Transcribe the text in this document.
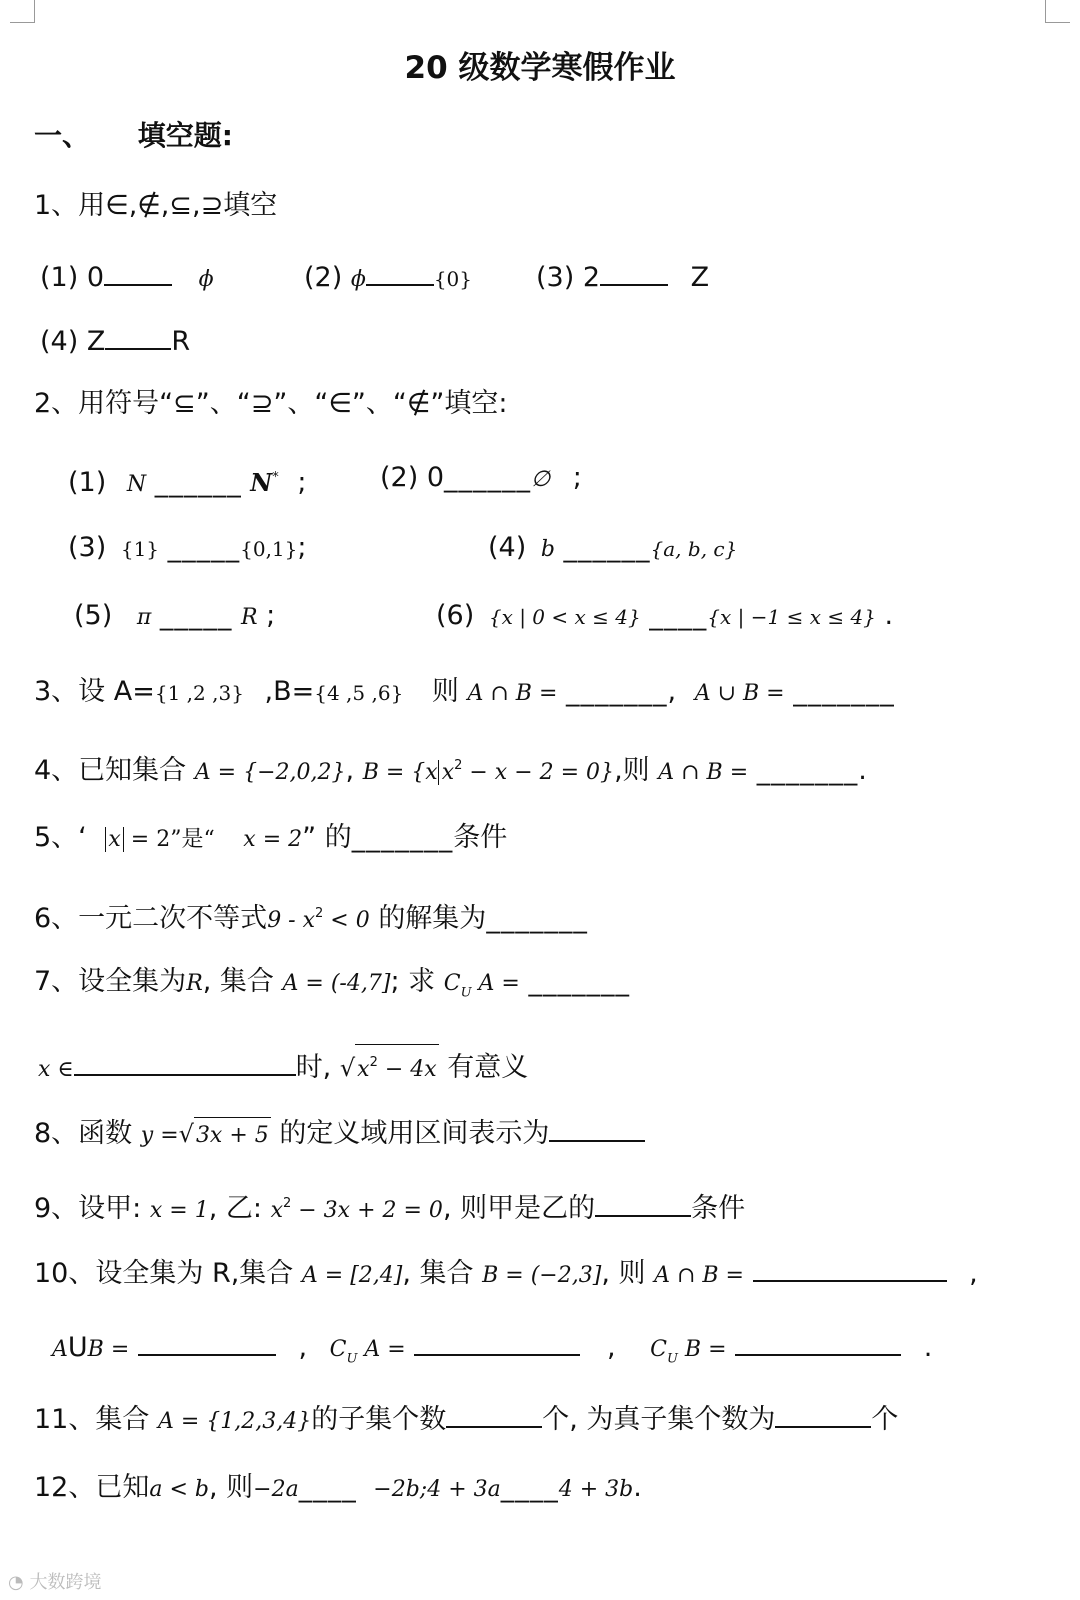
20 级数学寒假作业
一、 填空题:
1、用∈,∉,⊆,⊇填空
(1) 0	ϕ	(2) ϕ	{0} (3) 2	Z
(4) Z R
2、用符号“⊆”、“⊇”、“∈”、“∉”填空:
(1) N ______ N* ;	(2) 0______∅ ;
(3) {1} _____{0,1};	(4) b ______{a, b, c}
(5) π _____ R ;	(6) {x | 0 < x ≤ 4} ____{x | −1 ≤ x ≤ 4} .
3、设 A={1 ,2 ,3} ,B={4 ,5 ,6} 则 A ∩ B = _______, A ∪ B = _______
4、已知集合 A = {−2,0,2}, B = {x $x^2 - x - 2 = 0$},则 A ∩ B = _______.
5、‘ x = 2”是“ x = 2” 的_______条件
6、一元二次不等式$9 - x^2 < 0$ 的解集为_______
7、设全集为R, 集合 A = (-4,7]; 求 $C_U$ A = _______
x ∈	时, $√x^2 - 4x$ 有意义
8、函数 y =√3x + 5 的定义域用区间表示为
9、设甲: x = 1, 乙: $x^2 - 3x + 2 = 0$, 则甲是乙的	条件
10、设全集为 R,集合 A = [2,4], 集合 B = (−2,3], 则 A ∩ B =	,
AUB =	, $C_U$ A =	, $C_U$ B =	.
11、集合 A = {1,2,3,4}的子集个数	个, 为真子集个数为	个
12、已知a < b, 则−2a____ −2b;4 + 3a____4 + 3b.
◔ 大数跨境
